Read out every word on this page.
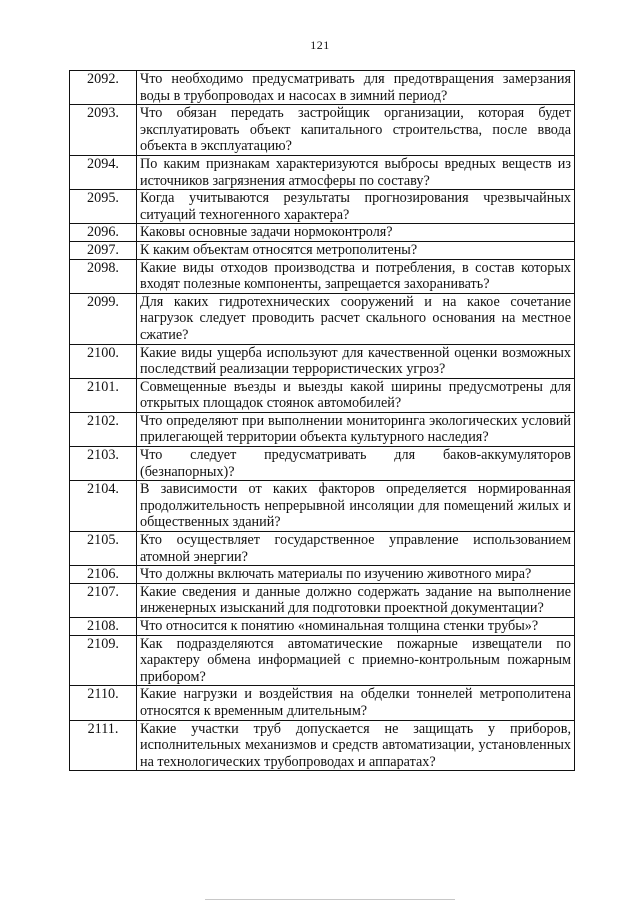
121
2092.	Что необходимо предусматривать для предотвращения замерзания воды в трубопроводах и насосах в зимний период?
2093.	Что обязан передать застройщик организации, которая будет эксплуатировать объект капитального строительства, после ввода объекта в эксплуатацию?
2094.	По каким признакам характеризуются выбросы вредных веществ из источников загрязнения атмосферы по составу?
2095.	Когда учитываются результаты прогнозирования чрезвычайных ситуаций техногенного характера?
2096.	Каковы основные задачи нормоконтроля?
2097.	К каким объектам относятся метрополитены?
2098.	Какие виды отходов производства и потребления, в состав которых входят полезные компоненты, запрещается захоранивать?
2099.	Для каких гидротехнических сооружений и на какое сочетание нагрузок следует проводить расчет скального основания на местное сжатие?
2100.	Какие виды ущерба используют для качественной оценки возможных последствий реализации террористических угроз?
2101.	Совмещенные въезды и выезды какой ширины предусмотрены для открытых площадок стоянок автомобилей?
2102.	Что определяют при выполнении мониторинга экологических условий прилегающей территории объекта культурного наследия?
2103.	Что следует предусматривать для баков-аккумуляторов (безнапорных)?
2104.	В зависимости от каких факторов определяется нормированная продолжительность непрерывной инсоляции для помещений жилых и общественных зданий?
2105.	Кто осуществляет государственное управление использованием атомной энергии?
2106.	Что должны включать материалы по изучению животного мира?
2107.	Какие сведения и данные должно содержать задание на выполнение инженерных изысканий для подготовки проектной документации?
2108.	Что относится к понятию «номинальная толщина стенки трубы»?
2109.	Как подразделяются автоматические пожарные извещатели по характеру обмена информацией с приемно-контрольным пожарным прибором?
2110.	Какие нагрузки и воздействия на обделки тоннелей метрополитена относятся к временным длительным?
2111.	Какие участки труб допускается не защищать у приборов, исполнительных механизмов и средств автоматизации, установленных на технологических трубопроводах и аппаратах?
